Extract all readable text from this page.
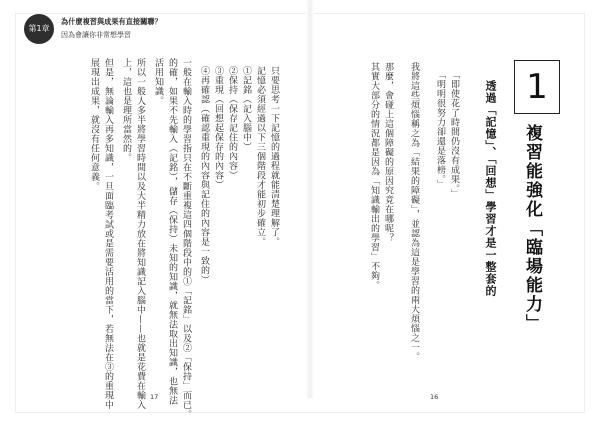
第1章
為什麼複習與成果有直接關聯？
因為會讓你非常想學習
1
複習能強化「臨場能力」
透過「記憶」、「回想」學習才是一整套的
「即使花了時間仍沒有成果。」
「明明很努力卻還是落榜。」
我將這些煩惱稱之為「結果的障礙」，並認為這是學習的兩大煩惱之一。
那麼，會碰上這個障礙的原因究竟在哪呢？
其實大部分的情況都是因為「知識輸出的學習」不夠。
16
只要思考一下記憶的過程就能清楚理解了。
記憶必須經過以下三個階段才能初步確立。
①記銘（記入腦中）
②保持（保存記住的內容）
③重現（回想起保存的內容）
④再確認（確認重現的內容與記住的內容是一致的）
一般在輸入時的學習指只在不斷重複這四個階段中的①「記銘」以及②「保持」而已。
的確，如果不先輸入（記銘），儲存（保持）未知的知識，就無法取出知識，也無法
活用知識。
所以一般人多半將學習時間以及大半精力放在將知識記入腦中——也就是花費在輸入
上，這也是理所當然的。
但是，無論輸入再多知識，一旦面臨考試或是需要活用的當下，若無法在③的重現中
展現出成果，就沒有任何意義。
17
